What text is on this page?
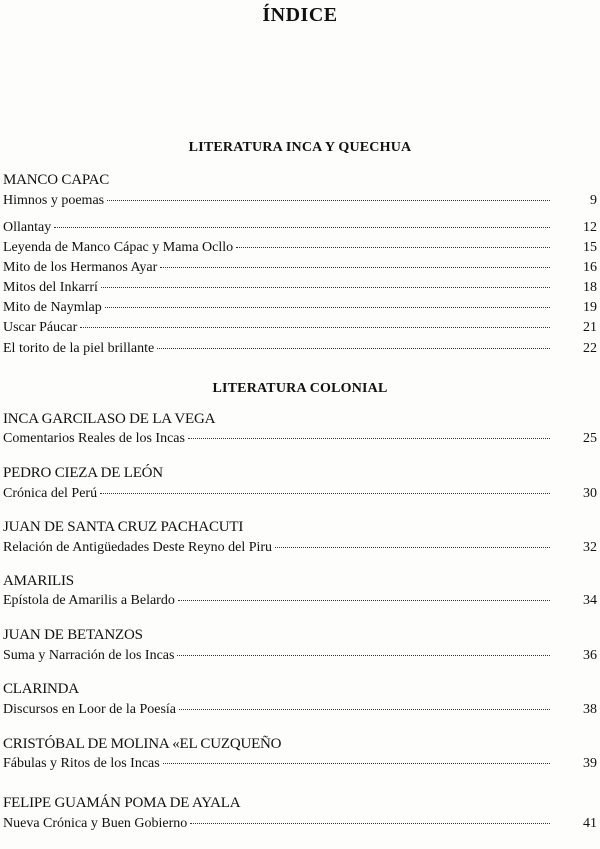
ÍNDICE
LITERATURA INCA Y QUECHUA
MANCO CAPAC
Himnos y poemas	9
Ollantay	12
Leyenda de Manco Cápac y Mama Ocllo	15
Mito de los Hermanos Ayar	16
Mitos del Inkarrí	18
Mito de Naymlap	19
Uscar Páucar	21
El torito de la piel brillante	22
LITERATURA COLONIAL
INCA GARCILASO DE LA VEGA
Comentarios Reales de los Incas	25
PEDRO CIEZA DE LEÓN
Crónica del Perú	30
JUAN DE SANTA CRUZ PACHACUTI
Relación de Antigüedades Deste Reyno del Piru	32
AMARILIS
Epístola de Amarilis a Belardo	34
JUAN DE BETANZOS
Suma y Narración de los Incas	36
CLARINDA
Discursos en Loor de la Poesía	38
CRISTÓBAL DE MOLINA «EL CUZQUEÑO
Fábulas y Ritos de los Incas	39
FELIPE GUAMÁN POMA DE AYALA
Nueva Crónica y Buen Gobierno	41
